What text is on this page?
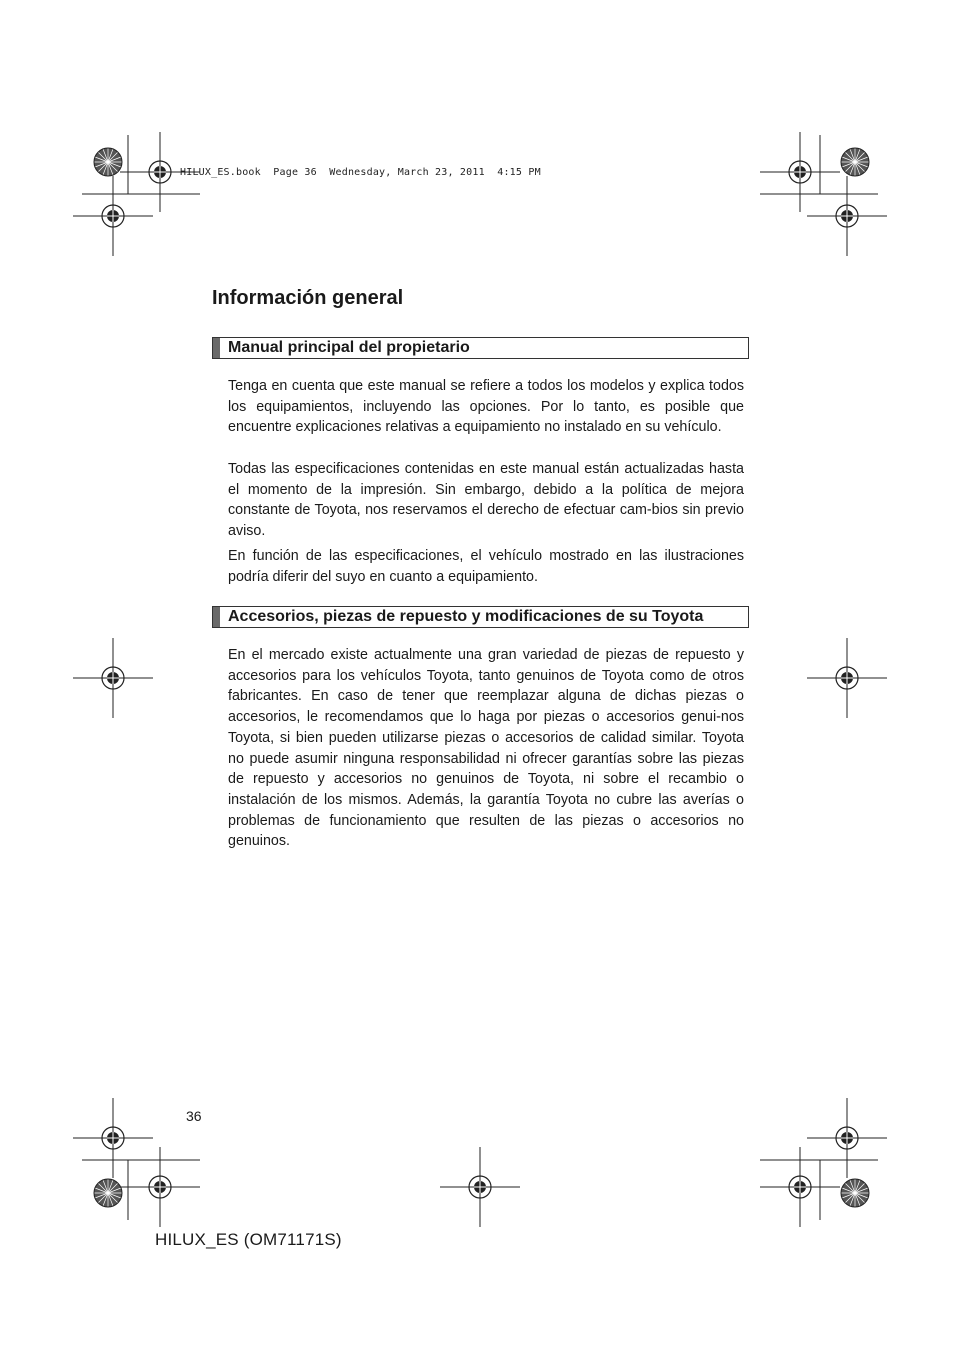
HILUX_ES.book  Page 36  Wednesday, March 23, 2011  4:15 PM
Información general
Manual principal del propietario

Tenga en cuenta que este manual se refiere a todos los modelos y explica todos los equipamientos, incluyendo las opciones. Por lo tanto, es posible que encuentre explicaciones relativas a equipamiento no instalado en su vehículo.

Todas las especificaciones contenidas en este manual están actualizadas hasta el momento de la impresión. Sin embargo, debido a la política de mejora constante de Toyota, nos reservamos el derecho de efectuar cam-bios sin previo aviso.

En función de las especificaciones, el vehículo mostrado en las ilustraciones podría diferir del suyo en cuanto a equipamiento.

Accesorios, piezas de repuesto y modificaciones de su Toyota

En el mercado existe actualmente una gran variedad de piezas de repuesto y accesorios para los vehículos Toyota, tanto genuinos de Toyota como de otros fabricantes. En caso de tener que reemplazar alguna de dichas piezas o accesorios, le recomendamos que lo haga por piezas o accesorios genui-nos Toyota, si bien pueden utilizarse piezas o accesorios de calidad similar. Toyota no puede asumir ninguna responsabilidad ni ofrecer garantías sobre las piezas de repuesto y accesorios no genuinos de Toyota, ni sobre el recambio o instalación de los mismos. Además, la garantía Toyota no cubre las averías o problemas de funcionamiento que resulten de las piezas o accesorios no genuinos.

36
HILUX_ES (OM71171S)
